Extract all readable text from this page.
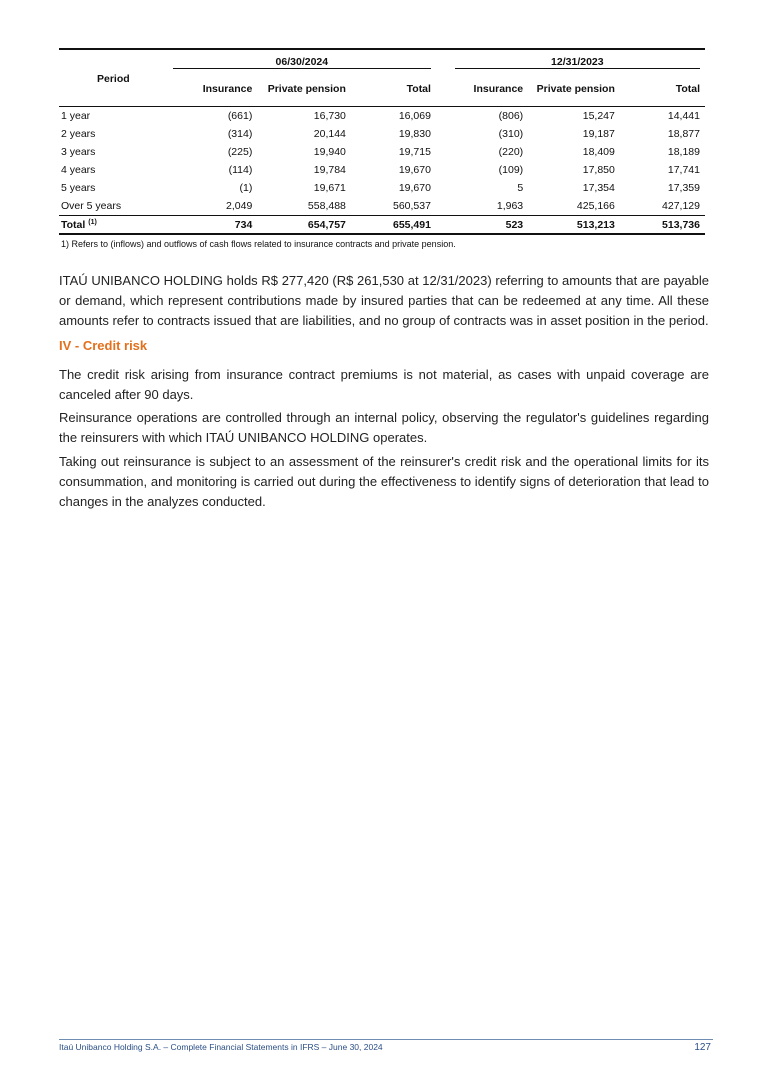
Period	06/30/2024				12/31/2023		

	Insurance	Private pension	Total		Insurance	Private pension	Total

1 year	(661)	16,730	16,069		(806)	15,247	14,441
2 years	(314)	20,144	19,830		(310)	19,187	18,877
3 years	(225)	19,940	19,715		(220)	18,409	18,189
4 years	(114)	19,784	19,670		(109)	17,850	17,741
5 years	(1)	19,671	19,670		5	17,354	17,359
Over 5 years	2,049	558,488	560,537		1,963	425,166	427,129
Total $^{(1)}$	734	654,757	655,491		523	513,213	513,736
1) Refers to (inflows) and outflows of cash flows related to insurance contracts and private pension.

ITAÚ UNIBANCO HOLDING holds R$ 277,420 (R$ 261,530 at 12/31/2023) referring to amounts that are payable or demand, which represent contributions made by insured parties that can be redeemed at any time. All these amounts refer to contracts issued that are liabilities, and no group of contracts was in asset position in the period.

IV - Credit risk

The credit risk arising from insurance contract premiums is not material, as cases with unpaid coverage are canceled after 90 days.

Reinsurance operations are controlled through an internal policy, observing the regulator's guidelines regarding the reinsurers with which ITAÚ UNIBANCO HOLDING operates.

Taking out reinsurance is subject to an assessment of the reinsurer's credit risk and the operational limits for its consummation, and monitoring is carried out during the effectiveness to identify signs of deterioration that lead to changes in the analyzes conducted.

Itaú Unibanco Holding S.A. – Complete Financial Statements in IFRS – June 30, 2024	127
